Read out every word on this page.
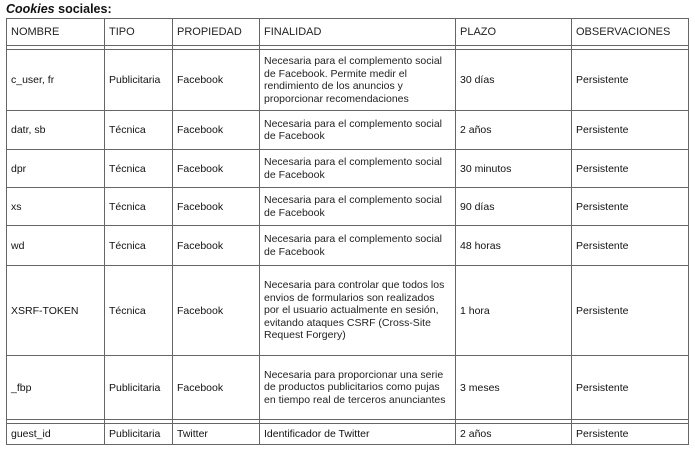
Cookies sociales:
NOMBRE	TIPO	PROPIEDAD	FINALIDAD	PLAZO	OBSERVACIONES

c_user, fr	Publicitaria	Facebook	Necesaria para el complemento social de Facebook. Permite medir el rendimiento de los anuncios y proporcionar recomendaciones	30 días	Persistente
datr, sb	Técnica	Facebook	Necesaria para el complemento social de Facebook	2 años	Persistente
dpr	Técnica	Facebook	Necesaria para el complemento social de Facebook	30 minutos	Persistente
xs	Técnica	Facebook	Necesaria para el complemento social de Facebook	90 días	Persistente
wd	Técnica	Facebook	Necesaria para el complemento social de Facebook	48 horas	Persistente
XSRF-TOKEN	Técnica	Facebook	Necesaria para controlar que todos los envios de formularios son realizados por el usuario actualmente en sesión, evitando ataques CSRF (Cross-Site Request Forgery)	1 hora	Persistente
_fbp	Publicitaria	Facebook	Necesaria para proporcionar una serie de productos publicitarios como pujas en tiempo real de terceros anunciantes	3 meses	Persistente

guest_id	Publicitaria	Twitter	Identificador de Twitter	2 años	Persistente
